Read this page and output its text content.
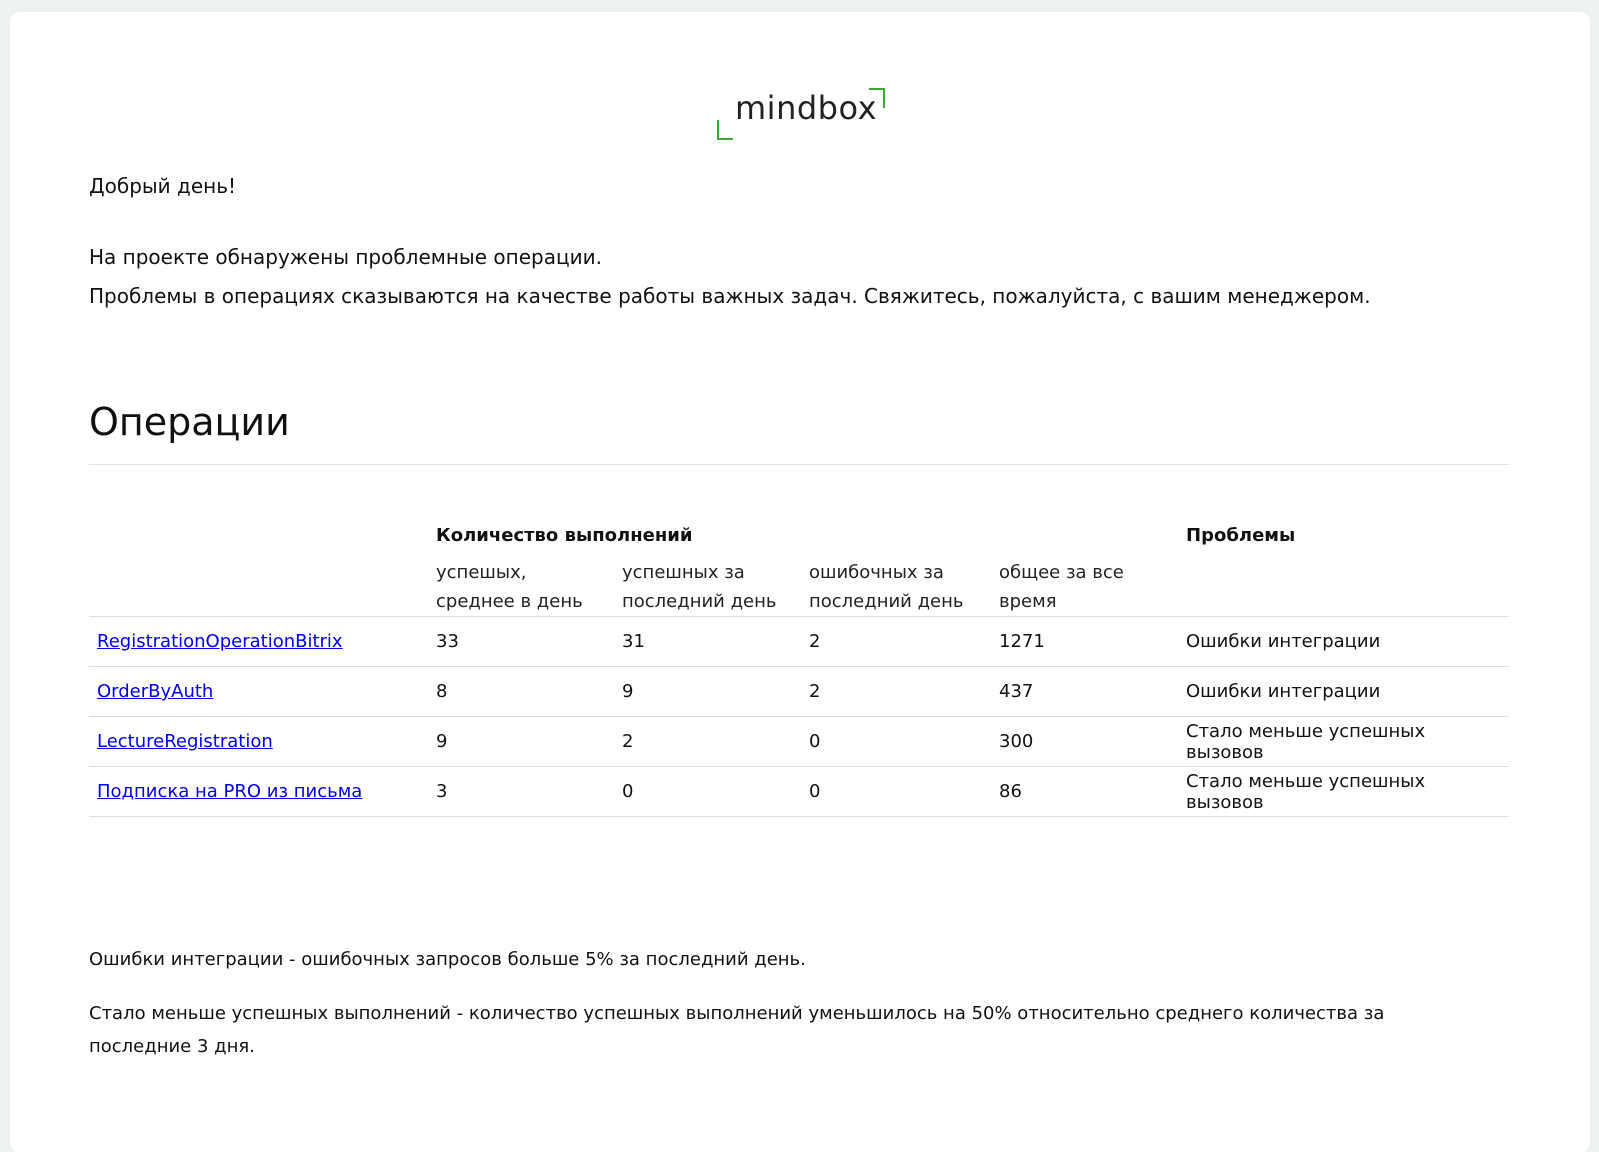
mindbox
Добрый день!
На проекте обнаружены проблемные операции.
Проблемы в операциях сказываются на качестве работы важных задач. Свяжитесь, пожалуйста, с вашим менеджером.
Операции
	Количество выполнений				Проблемы
	успешых, среднее в день	успешных за последний день	ошибочных за последний день	общее за все время	
RegistrationOperationBitrix	33	31	2	1271	Ошибки интеграции
OrderByAuth	8	9	2	437	Ошибки интеграции
LectureRegistration	9	2	0	300	Стало меньше успешных вызовов
Подписка на PRO из письма	3	0	0	86	Стало меньше успешных вызовов
Ошибки интеграции - ошибочных запросов больше 5% за последний день.
Стало меньше успешных выполнений - количество успешных выполнений уменьшилось на 50% относительно среднего количества за последние 3 дня.
